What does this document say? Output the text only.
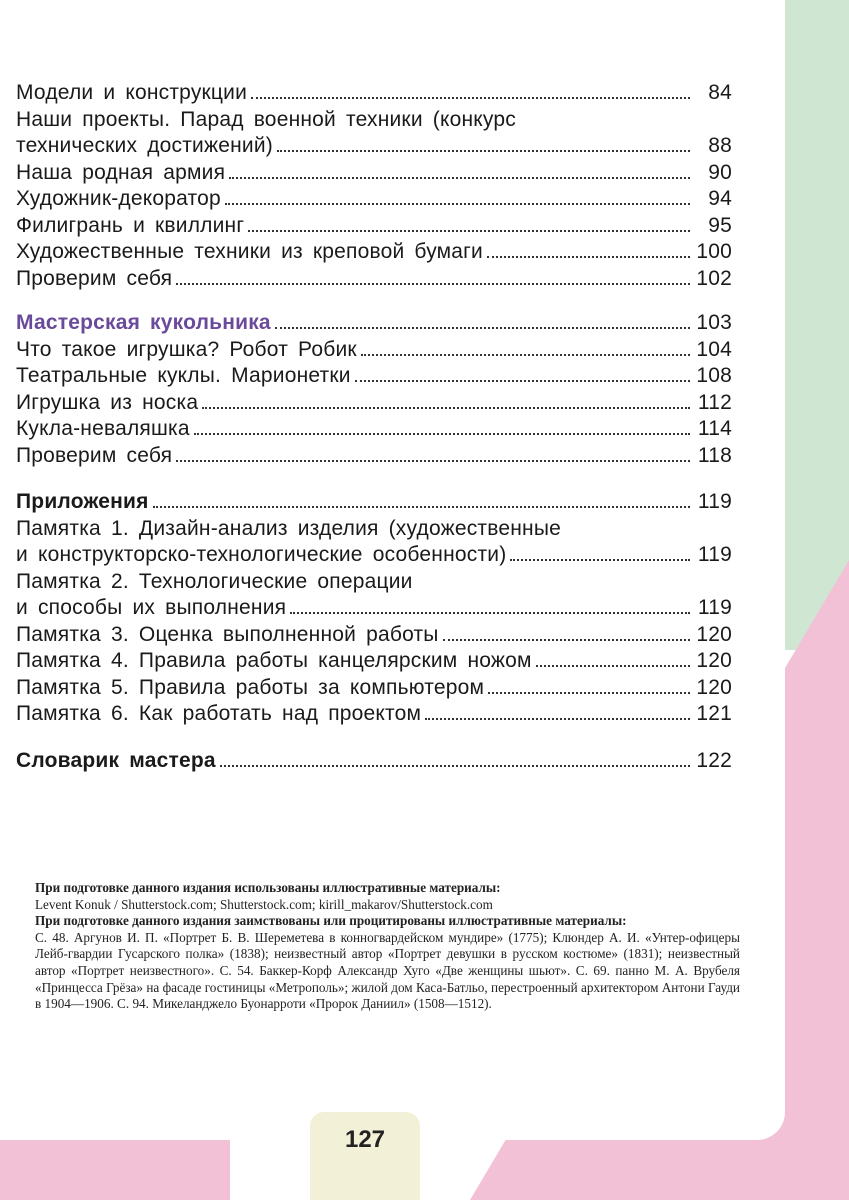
Модели и конструкции	84
Наши проекты. Парад военной техники (конкурс
технических достижений)	88
Наша родная армия	90
Художник-декоратор	94
Филигрань и квиллинг	95
Художественные техники из креповой бумаги	100
Проверим себя	102
Мастерская кукольника	103
Что такое игрушка? Робот Робик	104
Театральные куклы. Марионетки	108
Игрушка из носка	112
Кукла-неваляшка	114
Проверим себя	118
Приложения	119
Памятка 1. Дизайн-анализ изделия (художественные
и конструкторско-технологические особенности)	119
Памятка 2. Технологические операции
и способы их выполнения	119
Памятка 3. Оценка выполненной работы	120
Памятка 4. Правила работы канцелярским ножом	120
Памятка 5. Правила работы за компьютером	120
Памятка 6. Как работать над проектом	121
Словарик мастера	122

При подготовке данного издания использованы иллюстративные материалы:

Levent Konuk / Shutterstock.com; Shutterstock.com; kirill_makarov/Shutterstock.com

При подготовке данного издания заимствованы или процитированы иллюстративные материалы:

С. 48. Аргунов И. П. «Портрет Б. В. Шереметева в конногвардейском мундире» (1775); Клюндер А. И. «Унтер-офицеры Лейб-гвардии Гусарского полка» (1838); неизвестный автор «Портрет девушки в русском костюме» (1831); неизвестный автор «Портрет неизвестного». С. 54. Баккер-Корф Александр Хуго «Две женщины шьют». С. 69. панно М. А. Врубеля «Принцесса Грёза» на фасаде гостиницы «Метрополь»; жилой дом Каса-Батльо, перестроенный архитектором Антони Гауди в 1904—1906. С. 94. Микеланджело Буонарроти «Пророк Даниил» (1508—1512).

127
